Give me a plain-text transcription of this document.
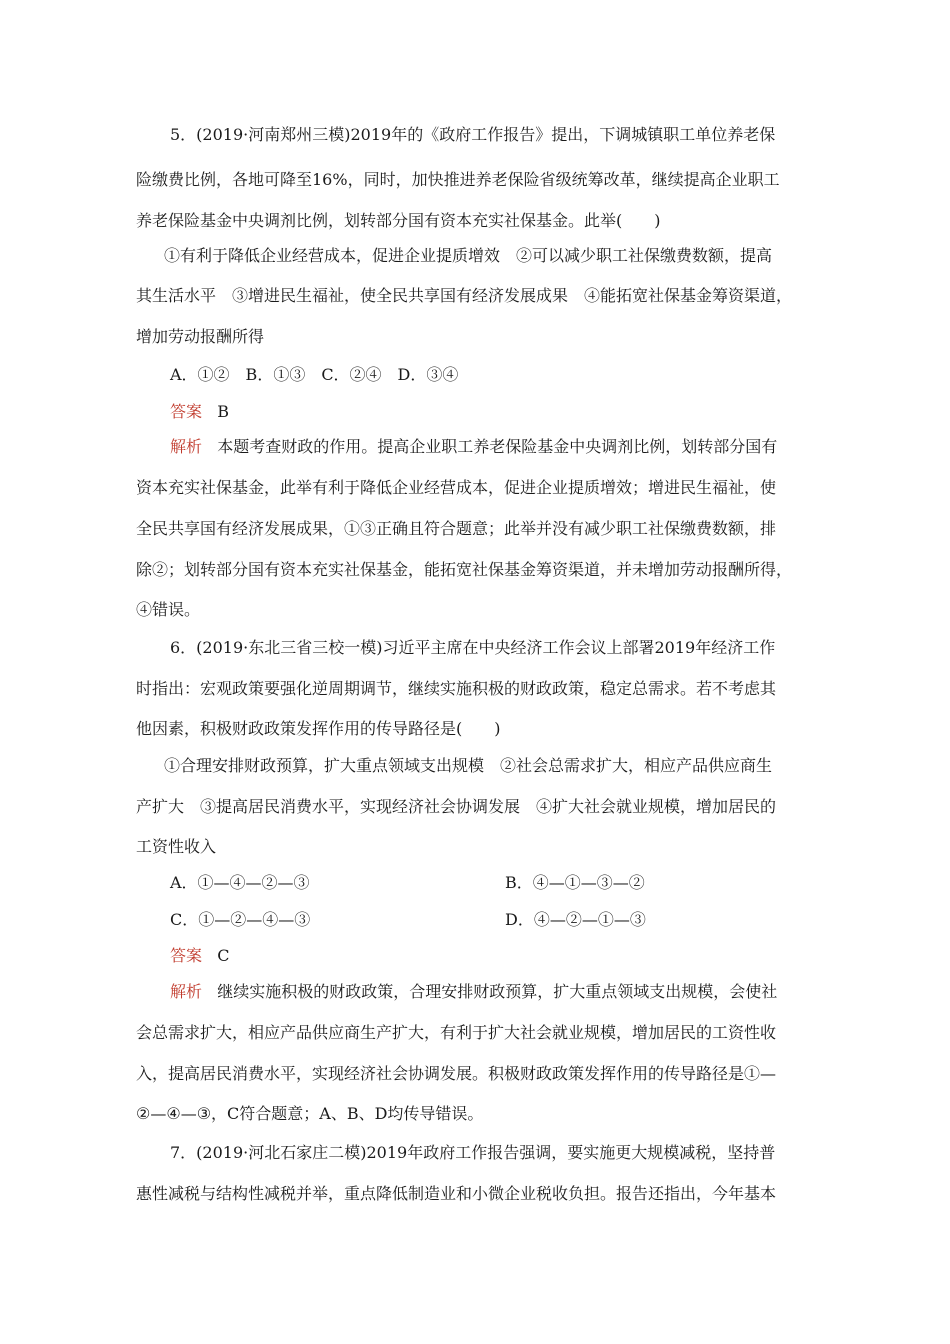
5．(2019·河南郑州三模)2019年的《政府工作报告》提出，下调城镇职工单位养老保
险缴费比例，各地可降至16%，同时，加快推进养老保险省级统筹改革，继续提高企业职工
养老保险基金中央调剂比例，划转部分国有资本充实社保基金。此举(　　)
①有利于降低企业经营成本，促进企业提质增效　②可以减少职工社保缴费数额，提高
其生活水平　③增进民生福祉，使全民共享国有经济发展成果　④能拓宽社保基金筹资渠道，
增加劳动报酬所得
A．①②　B．①③　C．②④　D．③④
答案 B
解析 本题考查财政的作用。提高企业职工养老保险基金中央调剂比例，划转部分国有
资本充实社保基金，此举有利于降低企业经营成本，促进企业提质增效；增进民生福祉，使
全民共享国有经济发展成果，①③正确且符合题意；此举并没有减少职工社保缴费数额，排
除②；划转部分国有资本充实社保基金，能拓宽社保基金筹资渠道，并未增加劳动报酬所得，
④错误。
6．(2019·东北三省三校一模)习近平主席在中央经济工作会议上部署2019年经济工作
时指出：宏观政策要强化逆周期调节，继续实施积极的财政政策，稳定总需求。若不考虑其
他因素，积极财政政策发挥作用的传导路径是(　　)
①合理安排财政预算，扩大重点领域支出规模　②社会总需求扩大，相应产品供应商生
产扩大　③提高居民消费水平，实现经济社会协调发展　④扩大社会就业规模，增加居民的
工资性收入
A．①—④—②—③	B．④—①—③—②
C．①—②—④—③	D．④—②—①—③
答案 C
解析 继续实施积极的财政政策，合理安排财政预算，扩大重点领域支出规模，会使社
会总需求扩大，相应产品供应商生产扩大，有利于扩大社会就业规模，增加居民的工资性收
入，提高居民消费水平，实现经济社会协调发展。积极财政政策发挥作用的传导路径是①—
②—④—③，C符合题意；A、B、D均传导错误。
7．(2019·河北石家庄二模)2019年政府工作报告强调，要实施更大规模减税，坚持普
惠性减税与结构性减税并举，重点降低制造业和小微企业税收负担。报告还指出，今年基本
